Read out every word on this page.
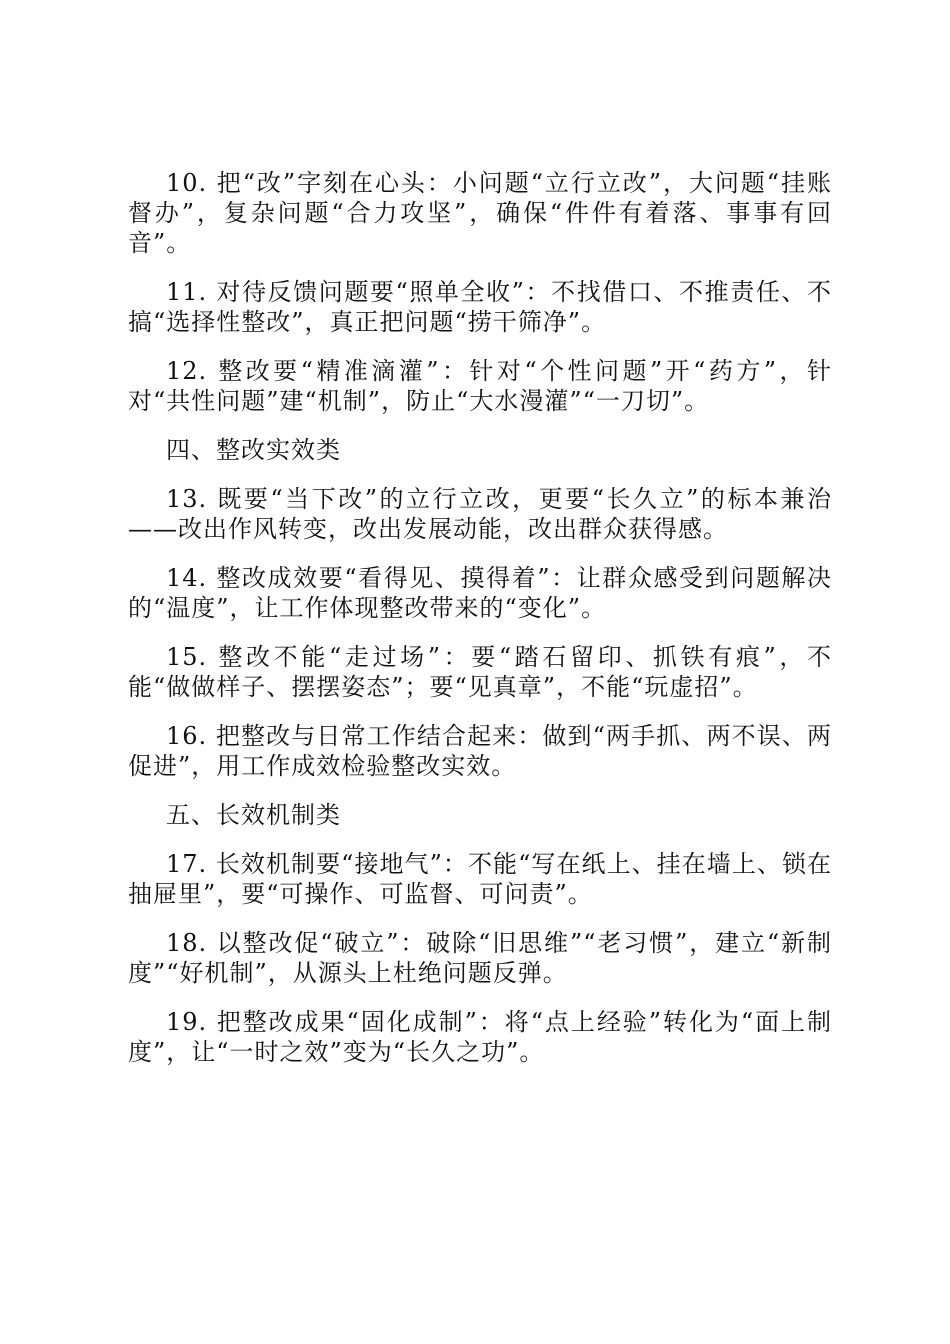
10. 把“改”字刻在心头：小问题“立行立改”，大问题“挂账督办”，复杂问题“合力攻坚”，确保“件件有着落、事事有回音”。

11. 对待反馈问题要“照单全收”：不找借口、不推责任、不搞“选择性整改”，真正把问题“捞干筛净”。

12. 整改要“精准滴灌”：针对“个性问题”开“药方”，针对“共性问题”建“机制”，防止“大水漫灌”“一刀切”。

四、整改实效类

13. 既要“当下改”的立行立改，更要“长久立”的标本兼治——改出作风转变，改出发展动能，改出群众获得感。

14. 整改成效要“看得见、摸得着”：让群众感受到问题解决的“温度”，让工作体现整改带来的“变化”。

15. 整改不能“走过场”：要“踏石留印、抓铁有痕”，不能“做做样子、摆摆姿态”；要“见真章”，不能“玩虚招”。

16. 把整改与日常工作结合起来：做到“两手抓、两不误、两促进”，用工作成效检验整改实效。

五、长效机制类

17. 长效机制要“接地气”：不能“写在纸上、挂在墙上、锁在抽屉里”，要“可操作、可监督、可问责”。

18. 以整改促“破立”：破除“旧思维”“老习惯”，建立“新制度”“好机制”，从源头上杜绝问题反弹。

19. 把整改成果“固化成制”：将“点上经验”转化为“面上制度”，让“一时之效”变为“长久之功”。
